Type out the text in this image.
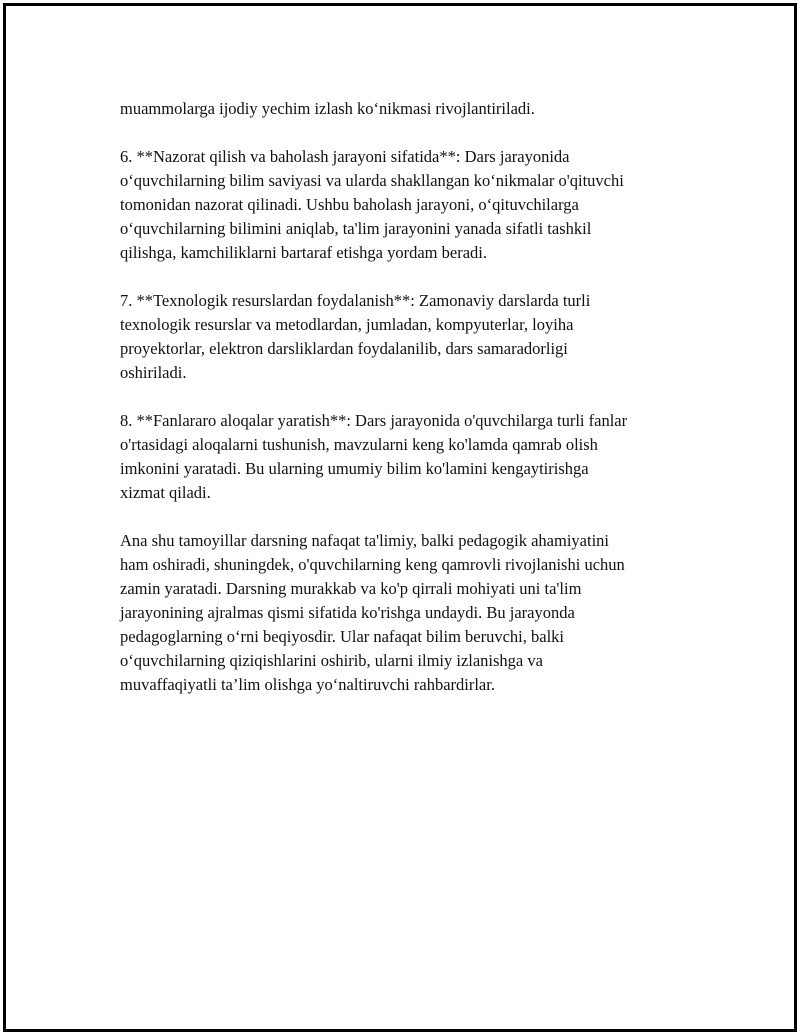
muammolarga ijodiy yechim izlash ko‘nikmasi rivojlantiriladi.

6. **Nazorat qilish va baholash jarayoni sifatida**: Dars jarayonida
o‘quvchilarning bilim saviyasi va ularda shakllangan ko‘nikmalar o'qituvchi
tomonidan nazorat qilinadi. Ushbu baholash jarayoni, o‘qituvchilarga
o‘quvchilarning bilimini aniqlab, ta'lim jarayonini yanada sifatli tashkil
qilishga, kamchiliklarni bartaraf etishga yordam beradi.

7. **Texnologik resurslardan foydalanish**: Zamonaviy darslarda turli
texnologik resurslar va metodlardan, jumladan, kompyuterlar, loyiha
proyektorlar, elektron darsliklardan foydalanilib, dars samaradorligi
oshiriladi.

8. **Fanlararo aloqalar yaratish**: Dars jarayonida o'quvchilarga turli fanlar
o'rtasidagi aloqalarni tushunish, mavzularni keng ko'lamda qamrab olish
imkonini yaratadi. Bu ularning umumiy bilim ko'lamini kengaytirishga
xizmat qiladi.

Ana shu tamoyillar darsning nafaqat ta'limiy, balki pedagogik ahamiyatini
ham oshiradi, shuningdek, o'quvchilarning keng qamrovli rivojlanishi uchun
zamin yaratadi. Darsning murakkab va ko'p qirrali mohiyati uni ta'lim
jarayonining ajralmas qismi sifatida ko'rishga undaydi. Bu jarayonda
pedagoglarning o‘rni beqiyosdir. Ular nafaqat bilim beruvchi, balki
o‘quvchilarning qiziqishlarini oshirib, ularni ilmiy izlanishga va
muvaffaqiyatli ta’lim olishga yo‘naltiruvchi rahbardirlar.
